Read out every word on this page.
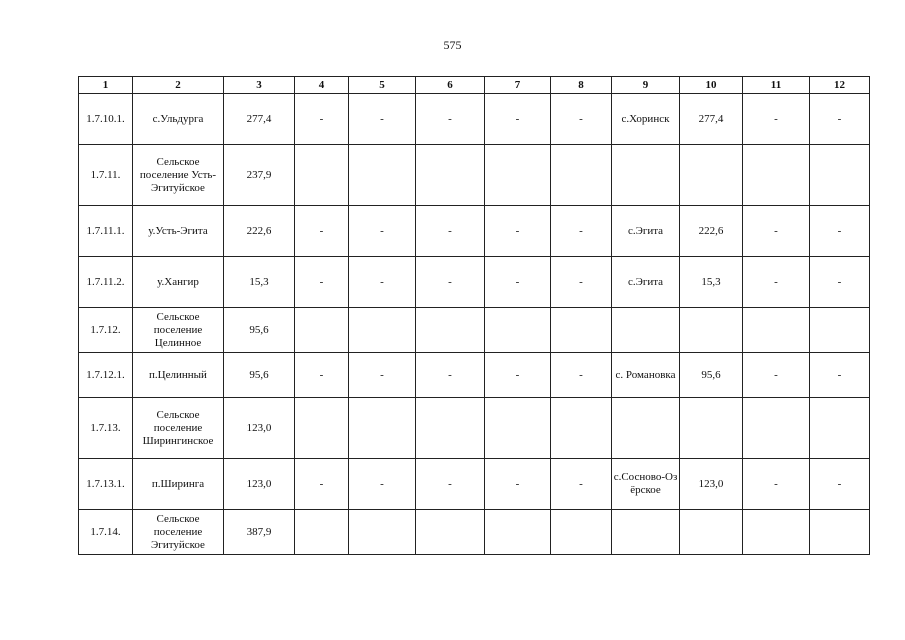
575
1	2	3	4	5	6	7	8	9	10	11	12
1.7.10.1.	с.Ульдурга	277,4	-	-	-	-	-	с.Хоринск	277,4	-	-
1.7.11.	Сельское поселение Усть-Эгитуйское	237,9									
1.7.11.1.	у.Усть-Эгита	222,6	-	-	-	-	-	с.Эгита	222,6	-	-
1.7.11.2.	у.Хангир	15,3	-	-	-	-	-	с.Эгита	15,3	-	-
1.7.12.	Сельское поселение Целинное	95,6									
1.7.12.1.	п.Целинный	95,6	-	-	-	-	-	с. Романовка	95,6	-	-
1.7.13.	Сельское поселение Ширингинское	123,0									
1.7.13.1.	п.Ширинга	123,0	-	-	-	-	-	с.Сосново-Озёрское	123,0	-	-
1.7.14.	Сельское поселение Эгитуйское	387,9									
